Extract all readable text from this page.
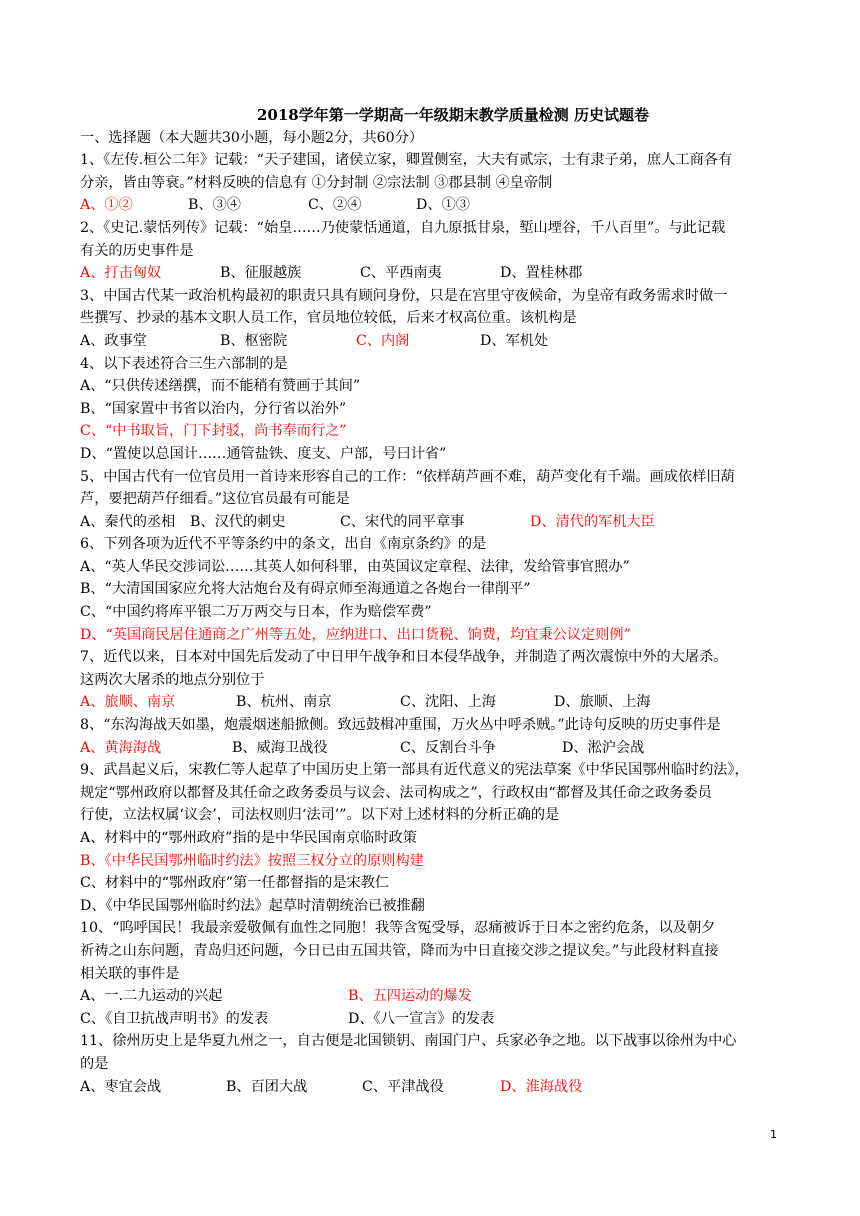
2018学年第一学期高一年级期末教学质量检测 历史试题卷
一、选择题（本大题共30小题，每小题2分，共60分）
1、《左传.桓公二年》记载：“天子建国，诸侯立家，卿置侧室，大夫有贰宗，士有隶子弟，庶人工商各有
分亲，皆由等衰。”材料反映的信息有 ①分封制 ②宗法制 ③郡县制 ④皇帝制
A、①②	B、③④	C、②④	D、①③
2、《史记.蒙恬列传》记载：“始皇……乃使蒙恬通道，自九原抵甘泉，堑山堙谷，千八百里”。与此记载
有关的历史事件是
A、打击匈奴	B、征服越族	C、平西南夷	D、置桂林郡
3、中国古代某一政治机构最初的职责只具有顾问身份，只是在宫里守夜候命，为皇帝有政务需求时做一
些撰写、抄录的基本文职人员工作，官员地位较低，后来才权高位重。该机构是
A、政事堂	B、枢密院	C、内阁	D、军机处
4、以下表述符合三生六部制的是
A、“只供传述缮撰，而不能稍有赞画于其间”
B、“国家置中书省以治内，分行省以治外”
C、“中书取旨，门下封驳，尚书奉而行之”
D、“置使以总国计……通管盐铁、度支、户部，号曰计省”
5、中国古代有一位官员用一首诗来形容自己的工作：“依样葫芦画不难，葫芦变化有千端。画成依样旧葫
芦，要把葫芦仔细看。”这位官员最有可能是
A、秦代的丞相	B、汉代的刺史	C、宋代的同平章事	D、清代的军机大臣
6、下列各项为近代不平等条约中的条文，出自《南京条约》的是
A、“英人华民交涉词讼……其英人如何科罪，由英国议定章程、法律，发给管事官照办”
B、“大清国国家应允将大沽炮台及有碍京师至海通道之各炮台一律削平”
C、“中国约将库平银二万万两交与日本，作为赔偿军费”
D、“英国商民居住通商之广州等五处，应纳进口、出口货税、饷费，均宜秉公议定则例”
7、近代以来，日本对中国先后发动了中日甲午战争和日本侵华战争，并制造了两次震惊中外的大屠杀。
这两次大屠杀的地点分别位于
A、旅顺、南京	B、杭州、南京	C、沈阳、上海	D、旅顺、上海
8、“东沟海战天如墨，炮震烟迷船掀侧。致远鼓楫冲重围，万火丛中呼杀贼。”此诗句反映的历史事件是
A、黄海海战	B、威海卫战役	C、反割台斗争	D、淞沪会战
9、武昌起义后，宋教仁等人起草了中国历史上第一部具有近代意义的宪法草案《中华民国鄂州临时约法》，
规定“鄂州政府以都督及其任命之政务委员与议会、法司构成之”，行政权由“都督及其任命之政务委员
行使，立法权属‘议会’，司法权则归‘法司’”。以下对上述材料的分析正确的是
A、材料中的“鄂州政府”指的是中华民国南京临时政策
B、《中华民国鄂州临时约法》按照三权分立的原则构建
C、材料中的“鄂州政府”第一任都督指的是宋教仁
D、《中华民国鄂州临时约法》起草时清朝统治已被推翻
10、“呜呼国民！我最亲爱敬佩有血性之同胞！我等含冤受辱，忍痛被诉于日本之密约危条，以及朝夕
祈祷之山东问题，青岛归还问题，今日已由五国共管，降而为中日直接交涉之提议矣。”与此段材料直接
相关联的事件是
A、一.二九运动的兴起	B、五四运动的爆发
C、《自卫抗战声明书》的发表	D、《八一宣言》的发表
11、徐州历史上是华夏九州之一，自古便是北国锁钥、南国门户、兵家必争之地。以下战事以徐州为中心
的是
A、枣宜会战	B、百团大战	C、平津战役	D、淮海战役
1
